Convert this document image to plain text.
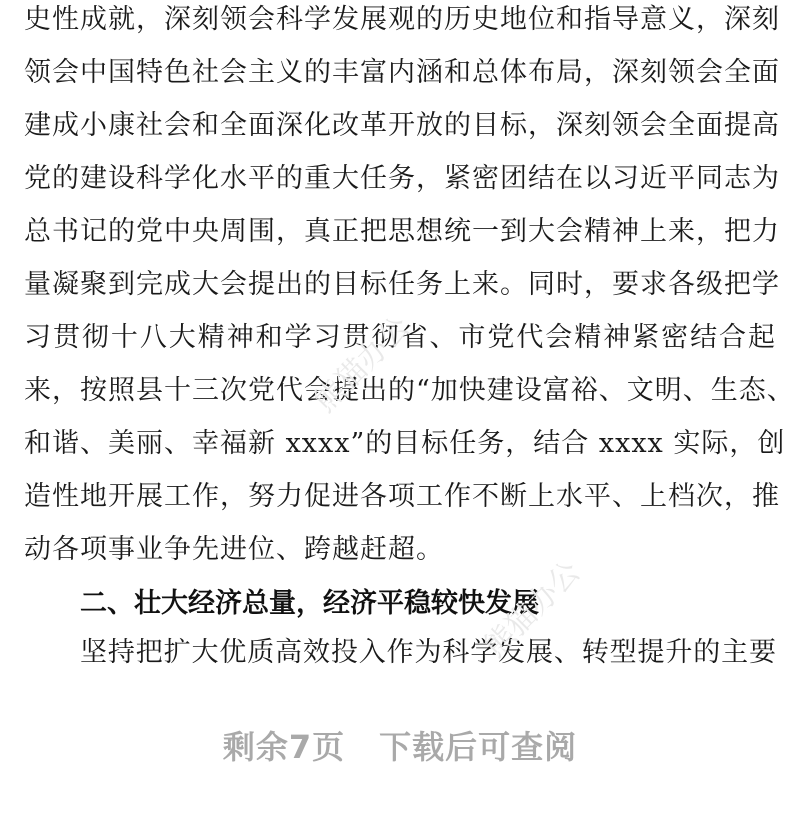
史性成就，深刻领会科学发展观的历史地位和指导意义，深刻
领会中国特色社会主义的丰富内涵和总体布局，深刻领会全面
建成小康社会和全面深化改革开放的目标，深刻领会全面提高
党的建设科学化水平的重大任务，紧密团结在以习近平同志为
总书记的党中央周围，真正把思想统一到大会精神上来，把力
量凝聚到完成大会提出的目标任务上来。同时，要求各级把学
习贯彻十八大精神和学习贯彻省、市党代会精神紧密结合起
来，按照县十三次党代会提出的“加快建设富裕、文明、生态、
和谐、美丽、幸福新 xxxx”的目标任务，结合 xxxx 实际，创
造性地开展工作，努力促进各项工作不断上水平、上档次，推
动各项事业争先进位、跨越赶超。
二、壮大经济总量，经济平稳较快发展
坚持把扩大优质高效投入作为科学发展、转型提升的主要
熊猫办公
熊猫办公
剩余7页 下载后可查阅
